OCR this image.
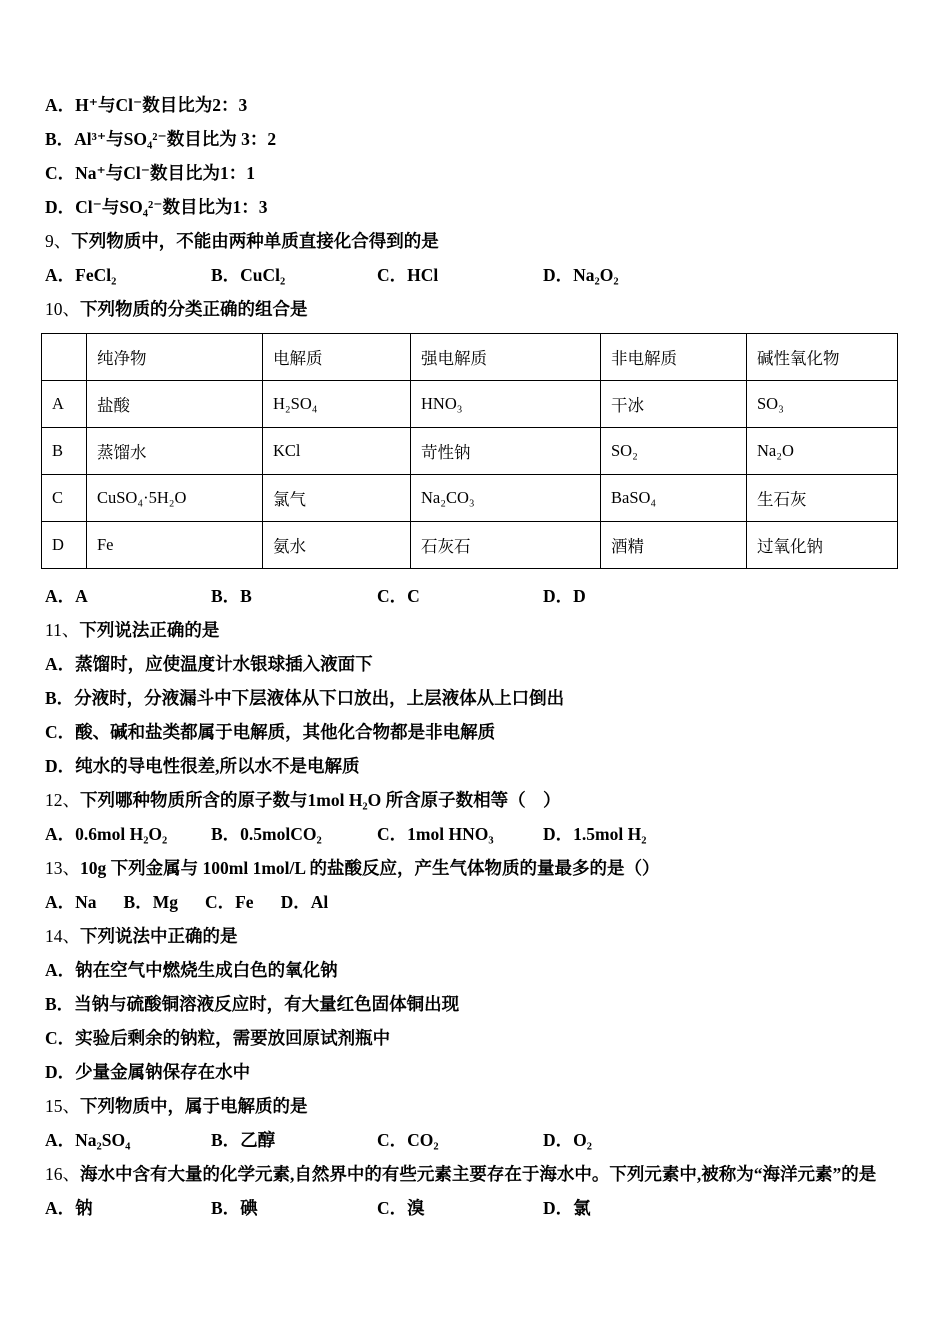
A．H⁺与Cl⁻数目比为2：3

B．Al³⁺与SO₄²⁻数目比为 3：2

C．Na⁺与Cl⁻数目比为1：1

D．Cl⁻与SO₄²⁻数目比为1：3

9、下列物质中，不能由两种单质直接化合得到的是

A．FeCl₂	B．CuCl₂	C．HCl	D．Na₂O₂

10、下列物质的分类正确的组合是

	纯净物	电解质	强电解质	非电解质	碱性氧化物
A	盐酸	H₂SO₄	HNO₃	干冰	SO₃
B	蒸馏水	KCl	苛性钠	SO₂	Na₂O
C	CuSO₄·5H₂O	氯气	Na₂CO₃	BaSO₄	生石灰
D	Fe	氨水	石灰石	酒精	过氧化钠
A．A	B．B	C．C	D．D

11、下列说法正确的是

A．蒸馏时，应使温度计水银球插入液面下

B．分液时，分液漏斗中下层液体从下口放出，上层液体从上口倒出

C．酸、碱和盐类都属于电解质，其他化合物都是非电解质

D．纯水的导电性很差,所以水不是电解质

12、下列哪种物质所含的原子数与1mol H₂O 所含原子数相等（　）

A．0.6mol H₂O₂	B．0.5molCO₂	C．1mol HNO₃	D．1.5mol H₂

13、10g 下列金属与 100ml 1mol/L 的盐酸反应，产生气体物质的量最多的是（）

A．Na B．Mg C．Fe D．Al

14、下列说法中正确的是

A．钠在空气中燃烧生成白色的氧化钠

B．当钠与硫酸铜溶液反应时，有大量红色固体铜出现

C．实验后剩余的钠粒，需要放回原试剂瓶中

D．少量金属钠保存在水中

15、下列物质中，属于电解质的是

A．Na₂SO₄	B．乙醇	C．CO₂	D．O₂

16、海水中含有大量的化学元素,自然界中的有些元素主要存在于海水中。下列元素中,被称为“海洋元素”的是

A．钠	B．碘	C．溴	D．氯
